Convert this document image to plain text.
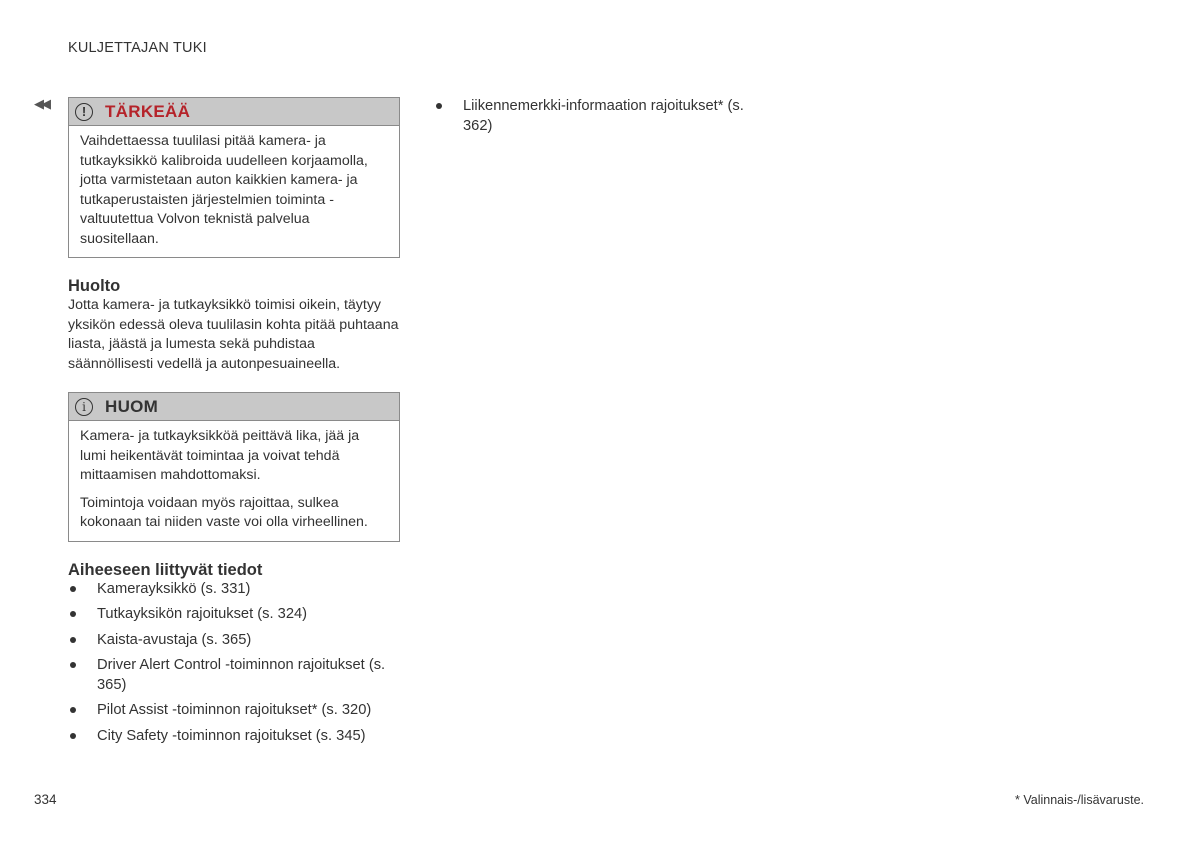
KULJETTAJAN TUKI
◀◀
!	TÄRKEÄÄ

Vaihdettaessa tuulilasi pitää kamera- ja tutkayksikkö kalibroida uudelleen korjaamolla, jotta varmistetaan auton kaikkien kamera- ja tutkaperustaisten järjestelmien toiminta - valtuutettua Volvon teknistä palvelua suositellaan.

Huolto

Jotta kamera- ja tutkayksikkö toimisi oikein, täytyy yksikön edessä oleva tuulilasin kohta pitää puhtaana liasta, jäästä ja lumesta sekä puhdistaa säännöllisesti vedellä ja autonpesuaineella.

i	HUOM

Kamera- ja tutkayksikköä peittävä lika, jää ja lumi heikentävät toimintaa ja voivat tehdä mittaamisen mahdottomaksi.

Toimintoja voidaan myös rajoittaa, sulkea kokonaan tai niiden vaste voi olla virheellinen.

Aiheeseen liittyvät tiedot
Kamerayksikkö (s. 331)
Tutkayksikön rajoitukset (s. 324)
Kaista-avustaja (s. 365)
Driver Alert Control -toiminnon rajoitukset (s. 365)
Pilot Assist -toiminnon rajoitukset* (s. 320)
City Safety -toiminnon rajoitukset (s. 345)
Liikennemerkki-informaation rajoitukset* (s. 362)
334	* Valinnais-/lisävaruste.
